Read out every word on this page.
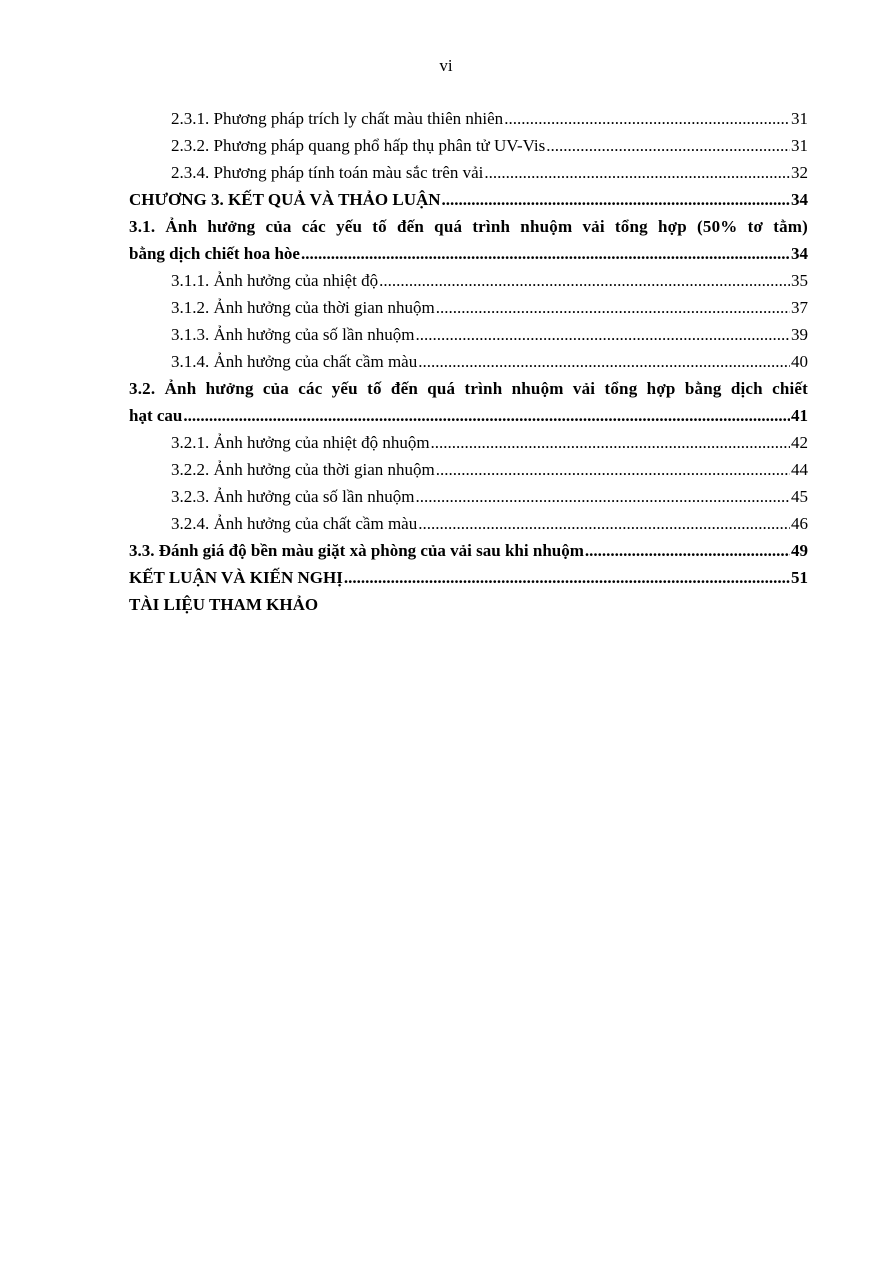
vi
2.3.1. Phương pháp trích ly chất màu thiên nhiên .....	31
2.3.2. Phương pháp quang phổ hấp thụ phân tử UV-Vis .....	31
2.3.4. Phương pháp tính toán màu sắc trên vải .....	32
CHƯƠNG 3. KẾT QUẢ VÀ THẢO LUẬN .....	34
3.1. Ảnh hưởng của các yếu tố đến quá trình nhuộm vải tổng hợp (50% tơ tằm)
bằng dịch chiết hoa hòe .....	34
3.1.1. Ảnh hưởng của nhiệt độ .....	35
3.1.2. Ảnh hưởng của thời gian nhuộm .....	37
3.1.3. Ảnh hưởng của số lần nhuộm .....	39
3.1.4. Ảnh hưởng của chất cầm màu .....	40
3.2. Ảnh hưởng của các yếu tố đến quá trình nhuộm vải tổng hợp bằng dịch chiết
hạt cau .....	41
3.2.1. Ảnh hưởng của nhiệt độ nhuộm .....	42
3.2.2. Ảnh hưởng của thời gian nhuộm .....	44
3.2.3. Ảnh hưởng của số lần nhuộm .....	45
3.2.4. Ảnh hưởng của chất cầm màu .....	46
3.3. Đánh giá độ bền màu giặt xà phòng của vải sau khi nhuộm .....	49
KẾT LUẬN VÀ KIẾN NGHỊ .....	51
TÀI LIỆU THAM KHẢO
